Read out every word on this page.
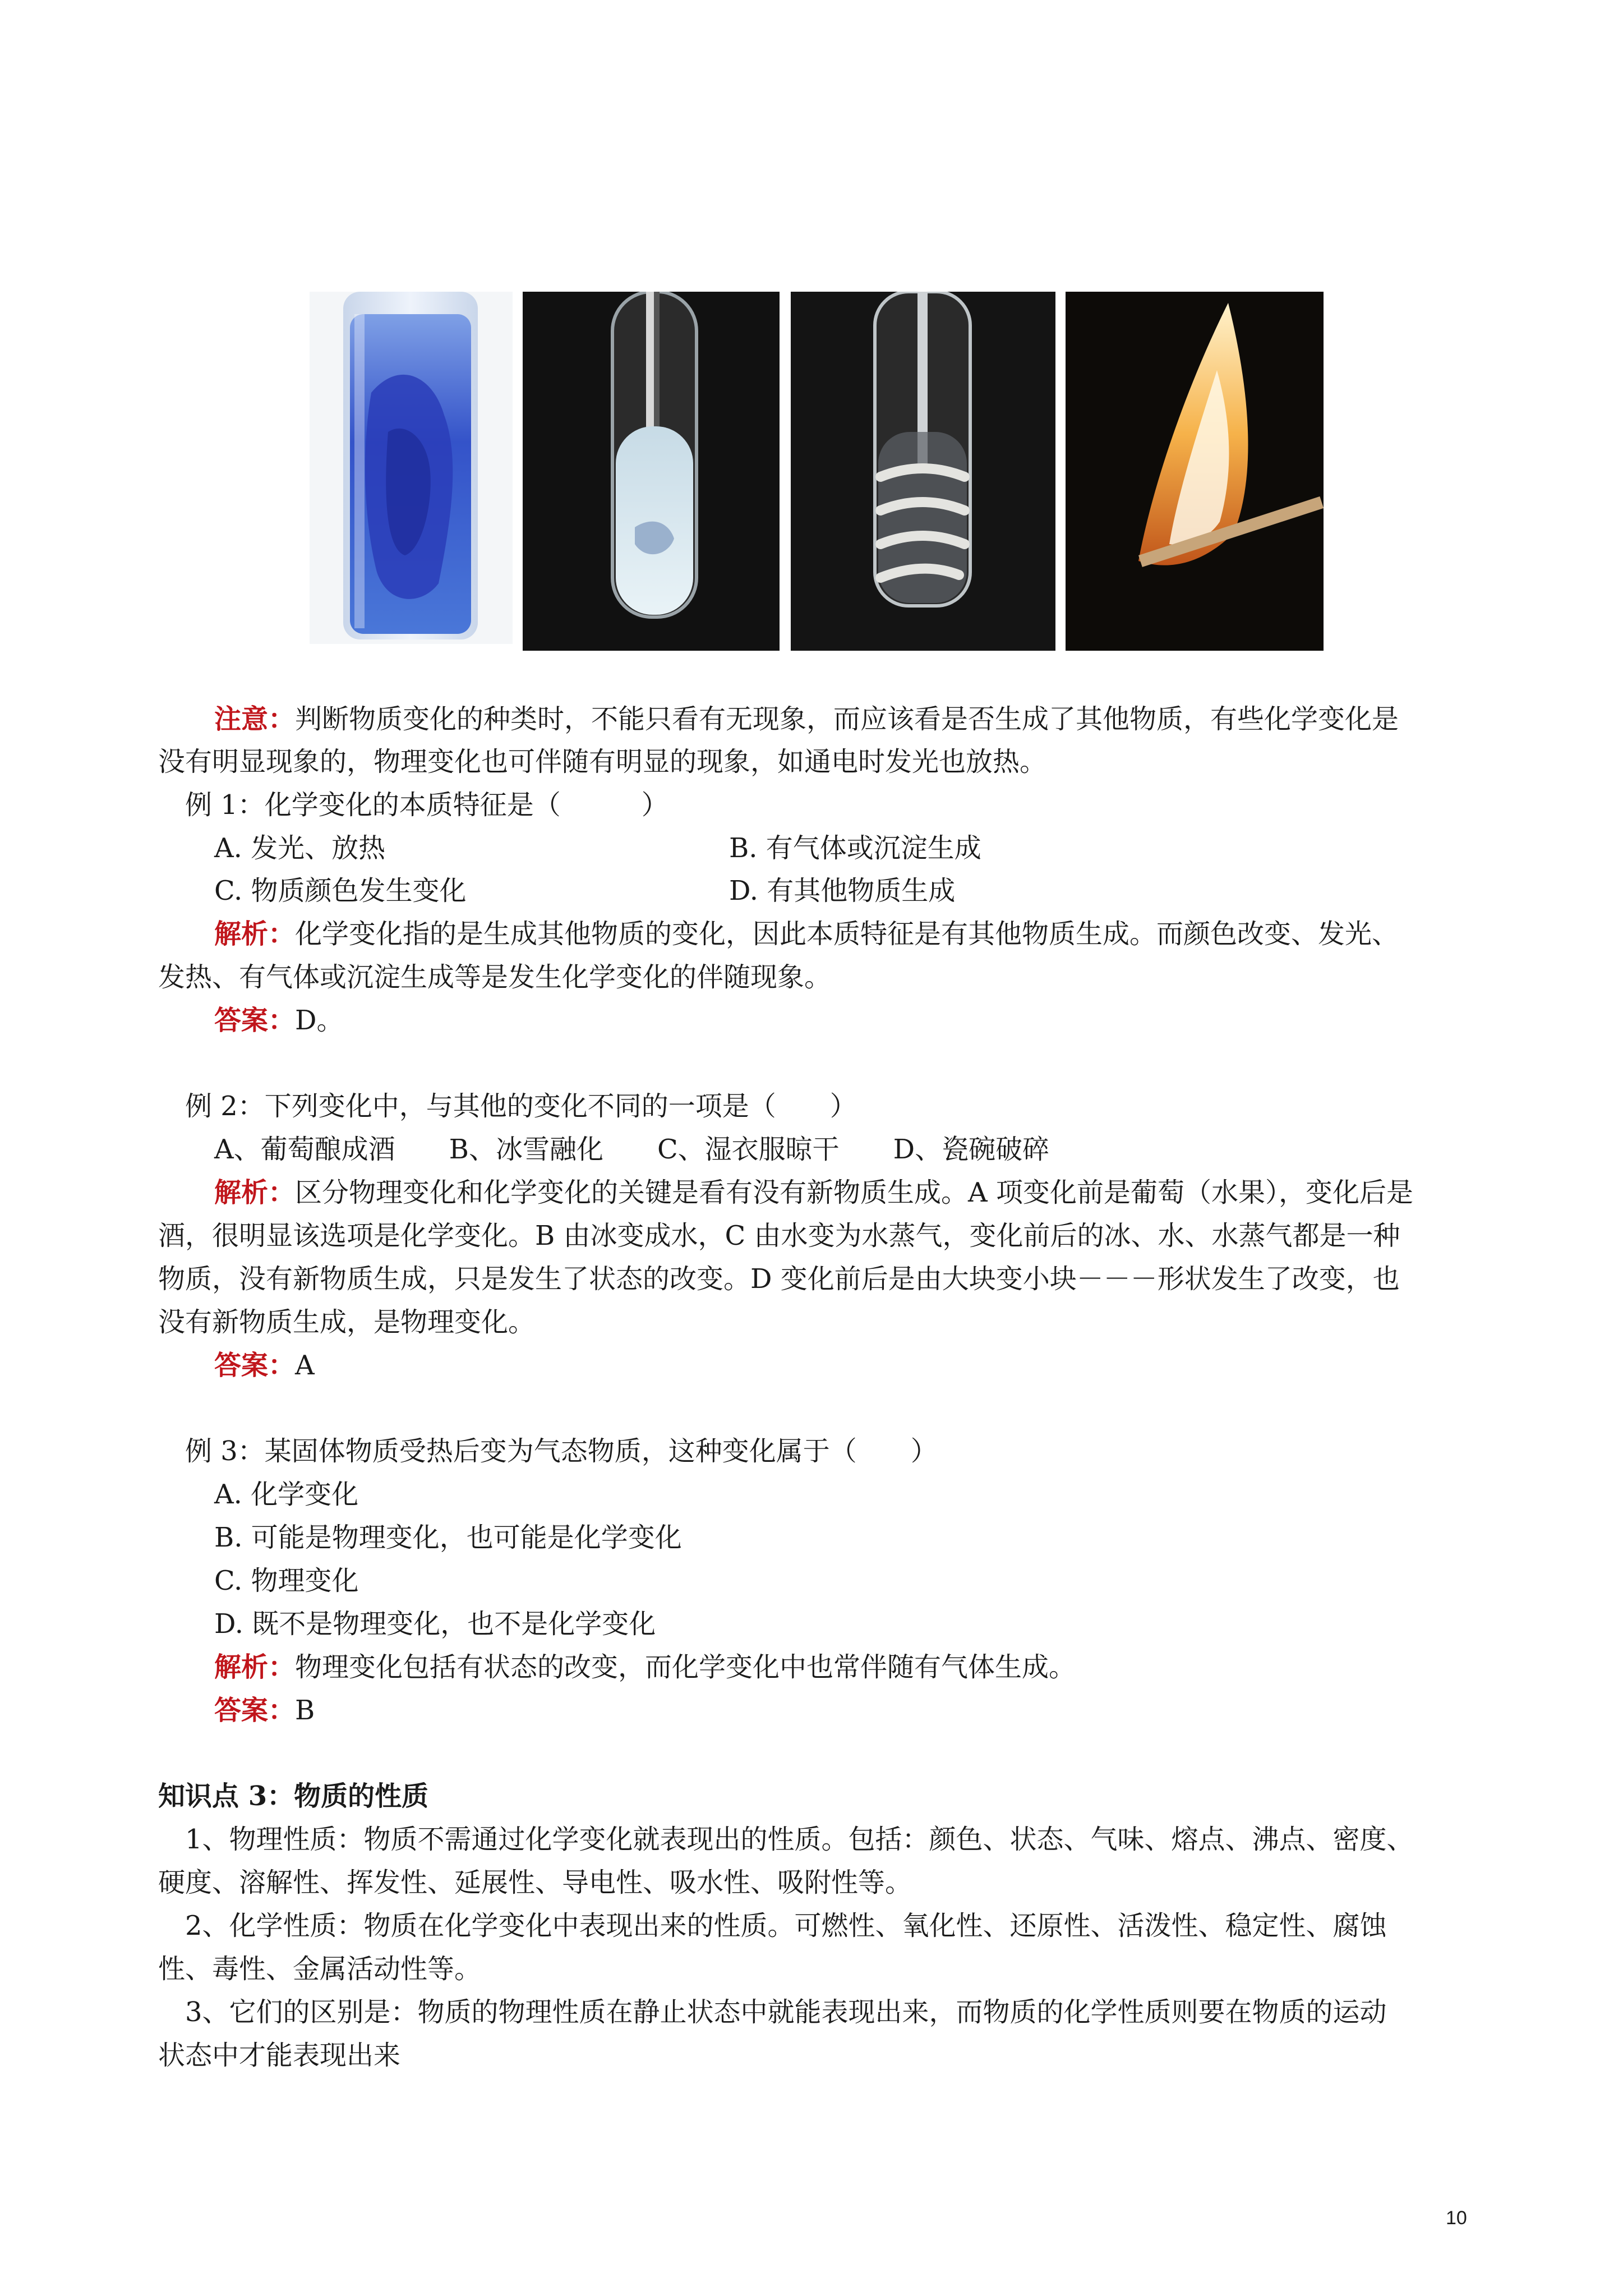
注意：判断物质变化的种类时，不能只看有无现象，而应该看是否生成了其他物质，有些化学变化是
没有明显现象的，物理变化也可伴随有明显的现象，如通电时发光也放热。
例 1：化学变化的本质特征是（　　　）
A. 发光、放热	B. 有气体或沉淀生成
C. 物质颜色发生变化	D. 有其他物质生成
解析：化学变化指的是生成其他物质的变化，因此本质特征是有其他物质生成。而颜色改变、发光、
发热、有气体或沉淀生成等是发生化学变化的伴随现象。
答案：D。
例 2：下列变化中，与其他的变化不同的一项是（　　）
A、葡萄酿成酒　　B、冰雪融化　　C、湿衣服晾干　　D、瓷碗破碎
解析：区分物理变化和化学变化的关键是看有没有新物质生成。A 项变化前是葡萄（水果），变化后是
酒，很明显该选项是化学变化。B 由冰变成水，C 由水变为水蒸气，变化前后的冰、水、水蒸气都是一种
物质，没有新物质生成，只是发生了状态的改变。D 变化前后是由大块变小块－－－形状发生了改变，也
没有新物质生成，是物理变化。
答案：A
例 3：某固体物质受热后变为气态物质，这种变化属于（　　）
A. 化学变化
B. 可能是物理变化，也可能是化学变化
C. 物理变化
D. 既不是物理变化，也不是化学变化
解析：物理变化包括有状态的改变，而化学变化中也常伴随有气体生成。
答案：B
知识点 3：物质的性质
1、物理性质：物质不需通过化学变化就表现出的性质。包括：颜色、状态、气味、熔点、沸点、密度、
硬度、溶解性、挥发性、延展性、导电性、吸水性、吸附性等。
2、化学性质：物质在化学变化中表现出来的性质。可燃性、氧化性、还原性、活泼性、稳定性、腐蚀
性、毒性、金属活动性等。
3、它们的区别是：物质的物理性质在静止状态中就能表现出来，而物质的化学性质则要在物质的运动
状态中才能表现出来
10
